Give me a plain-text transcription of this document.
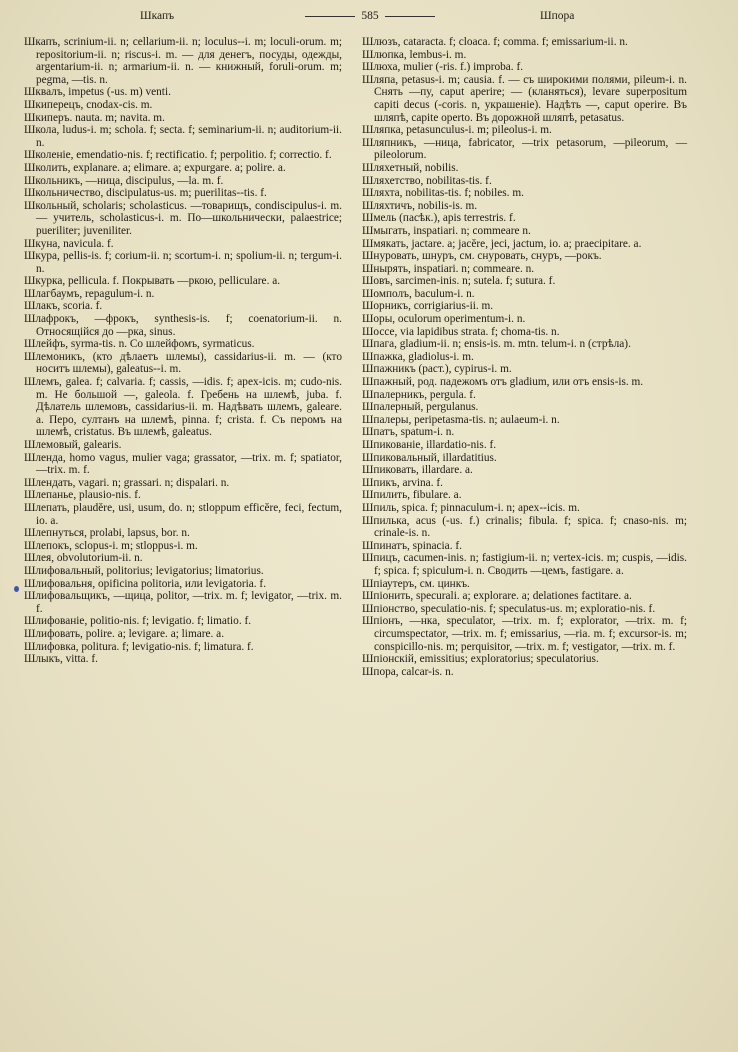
Шкапъ	585	Шпора

Шкапъ, scrinium-ii. n; cellarium-ii. n; loculus--i. m; loculi-orum. m; repositorium-ii. n; riscus-i. m. — для денегъ, посуды, одежды, argentarium-ii. n; armarium-ii. n. — книжный, foruli-orum. m; pegma, —tis. n.

Шквалъ, impetus (-us. m) venti.

Шкиперецъ, cnodax-cis. m.

Шкиперъ. nauta. m; navita. m.

Школа, ludus-i. m; schola. f; secta. f; seminarium-ii. n; auditorium-ii. n.

Школеніе, emendatio-nis. f; rectificatio. f; perpolitio. f; correctio. f.

Школить, explanare. a; elimare. a; expurgare. a; polire. a.

Школьникъ, —ница, discipulus, —la. m. f.

Школьничество, discipulatus-us. m; puerilitas--tis. f.

Школьный, scholaris; scholasticus. —товарищъ, condiscipulus-i. m. — учитель, scholasticus-i. m. По—школьнически, palaestrice; pueriliter; juveniliter.

Шкуна, navicula. f.

Шкура, pellis-is. f; corium-ii. n; scortum-i. n; spolium-ii. n; tergum-i. n.

Шкурка, pellicula. f. Покрывать —ркою, pelliculare. a.

Шлагбаумъ, repagulum-i. n.

Шлакъ, scoria. f.

Шлафрокъ, —фрокъ, synthesis-is. f; coenatorium-ii. n. Относящійся до —рка, sinus.

Шлейфъ, syrma-tis. n. Со шлейфомъ, syrmaticus.

Шлемоникъ, (кто дѣлаетъ шлемы), cassidarius-ii. m. — (кто носитъ шлемы), galeatus--i. m.

Шлемъ, galea. f; calvaria. f; cassis, —idis. f; apex-icis. m; cudo-nis. m. Не большой —, galeola. f. Гребень на шлемѣ, juba. f. Дѣлатель шлемовъ, cassidarius-ii. m. Надѣвать шлемъ, galeare. a. Перо, султанъ на шлемѣ, pinna. f; crista. f. Съ перомъ на шлемѣ, cristatus. Въ шлемѣ, galeatus.

Шлемовый, galearis.

Шленда, homo vagus, mulier vaga; grassator, —trix. m. f; spatiator, —trix. m. f.

Шлендать, vagari. n; grassari. n; dispalari. n.

Шлепанье, plausio-nis. f.

Шлепать, plaudĕre, usi, usum, do. n; stloppum efficĕre, feci, fectum, io. a.

Шлепнуться, prolabi, lapsus, bor. n.

Шлепокъ, sclopus-i. m; stloppus-i. m.

Шлея, obvolutorium-ii. n.

Шлифовальный, politorius; levigatorius; limatorius.

Шлифовальня, opificina politoria, или levigatoria. f.

Шлифовальщикъ, —щица, politor, —trix. m. f; levigator, —trix. m. f.

Шлифованіе, politio-nis. f; levigatio. f; limatio. f.

Шлифовать, polire. a; levigare. a; limare. a.

Шлифовка, politura. f; levigatio-nis. f; limatura. f.

Шлыкъ, vitta. f.

Шлюзъ, cataracta. f; cloaca. f; comma. f; emissarium-ii. n.

Шлюпка, lembus-i. m.

Шлюха, mulier (-ris. f.) improba. f.

Шляпа, petasus-i. m; causia. f. — съ широкими полями, pileum-i. n. Снять —пу, caput aperire; — (кланяться), levare superpositum capiti decus (-coris. n, украшеніе). Надѣть —, caput operire. Въ шляпѣ, capite operto. Въ дорожной шляпѣ, petasatus.

Шляпка, petasunculus-i. m; pileolus-i. m.

Шляпникъ, —ница, fabricator, —trix petasorum, —pileorum, —pileolorum.

Шляхетный, nobilis.

Шляхетство, nobilitas-tis. f.

Шляхта, nobilitas-tis. f; nobiles. m.

Шляхтичъ, nobilis-is. m.

Шмель (пасѣк.), apis terrestris. f.

Шмыгать, inspatiari. n; commeare n.

Шмякать, jactare. a; jacĕre, jeci, jactum, io. a; praecipitare. a.

Шнуровать, шнуръ, см. снуровать, снуръ, —рокъ.

Шнырять, inspatiari. n; commeare. n.

Шовъ, sarcimen-inis. n; sutela. f; sutura. f.

Шомполъ, baculum-i. n.

Шорникъ, corrigiarius-ii. m.

Шоры, oculorum operimentum-i. n.

Шоссе, via lapidibus strata. f; choma-tis. n.

Шпага, gladium-ii. n; ensis-is. m. mtn. telum-i. n (стрѣла).

Шпажка, gladiolus-i. m.

Шпажникъ (раст.), cypirus-i. m.

Шпажный, род. падежомъ отъ gladium, или отъ ensis-is. m.

Шпалерникъ, pergula. f.

Шпалерный, pergulanus.

Шпалеры, peripetasma-tis. n; aulaeum-i. n.

Шпатъ, spatum-i. n.

Шпикованіе, illardatio-nis. f.

Шпиковальный, illardatitius.

Шпиковать, illardare. a.

Шпикъ, arvina. f.

Шпилить, fibulare. a.

Шпиль, spica. f; pinnaculum-i. n; apex--icis. m.

Шпилька, acus (-us. f.) crinalis; fibula. f; spica. f; cnaso-nis. m; crinale-is. n.

Шпинатъ, spinacia. f.

Шпицъ, cacumen-inis. n; fastigium-ii. n; vertex-icis. m; cuspis, —idis. f; spica. f; spiculum-i. n. Сводить —цемъ, fastigare. a.

Шпіаутеръ, см. цинкъ.

Шпіонить, specurali. a; explorare. a; delationes factitare. a.

Шпіонство, speculatio-nis. f; speculatus-us. m; exploratio-nis. f.

Шпіонъ, —нка, speculator, —trix. m. f; explorator, —trix. m. f; circumspectator, —trix. m. f; emissarius, —ria. m. f; excursor-is. m; conspicillo-nis. m; perquisitor, —trix. m. f; vestigator, —trix. m. f.

Шпіонскій, emissitius; exploratorius; speculatorius.

Шпора, calcar-is. n.
